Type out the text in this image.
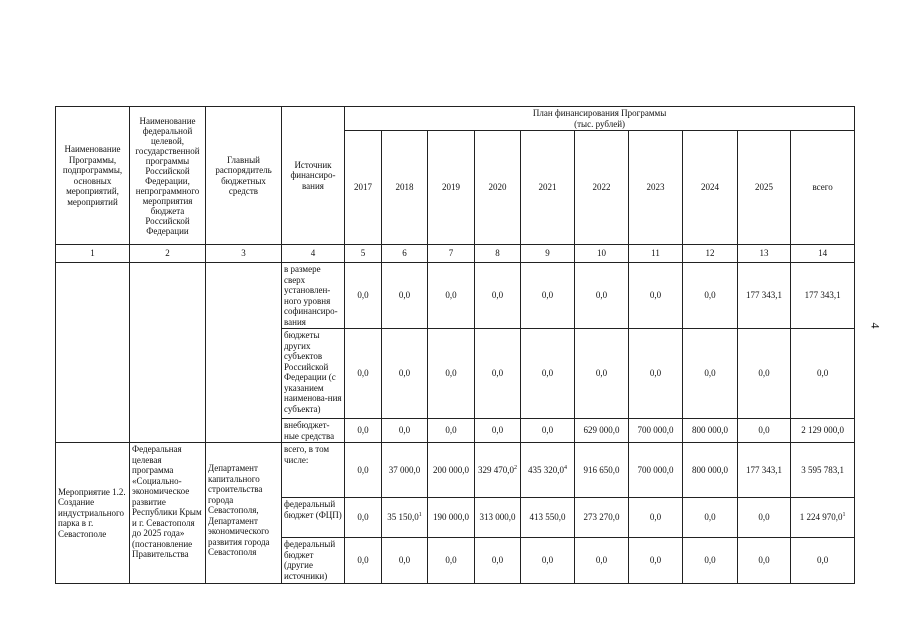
4
Наименование Программы, подпрограммы, основных мероприятий, мероприятий	Наименование федеральной целевой, государственной программы Российской Федерации, непрограммного мероприятия бюджета Российской Федерации	Главный распорядитель бюджетных средств	Источник финансиро-вания	План финансирования Программы
(тыс. рублей)									

				2017	2018	2019	2020	2021	2022	2023	2024	2025	всего
1	2	3	4	5	6	7	8	9	10	11	12	13	14
			в размере сверх установлен-ного уровня софинансиро-вания	0,0	0,0	0,0	0,0	0,0	0,0	0,0	0,0	177 343,1	177 343,1
			бюджеты других субъектов Российской Федерации (с указанием наименова-ния субъекта)	0,0	0,0	0,0	0,0	0,0	0,0	0,0	0,0	0,0	0,0
			внебюджет-ные средства	0,0	0,0	0,0	0,0	0,0	629 000,0	700 000,0	800 000,0	0,0	2 129 000,0
Мероприятие 1.2. Создание индустриального парка в г. Севастополе	Федеральная целевая программа «Социально-экономическое развитие Республики Крым и г. Севастополя до 2025 года» (постановление Правительства	Департамент капитального строительства города Севастополя, Департамент экономического развития города Севастополя	всего, в том числе:	0,0	37 000,0	200 000,0	329 470,0$^2$	435 320,0$^4$	916 650,0	700 000,0	800 000,0	177 343,1	3 595 783,1
			федеральный бюджет (ФЦП)	0,0	35 150,0$^1$	190 000,0	313 000,0	413 550,0	273 270,0	0,0	0,0	0,0	1 224 970,0$^1$
			федеральный бюджет (другие источники)	0,0	0,0	0,0	0,0	0,0	0,0	0,0	0,0	0,0	0,0
